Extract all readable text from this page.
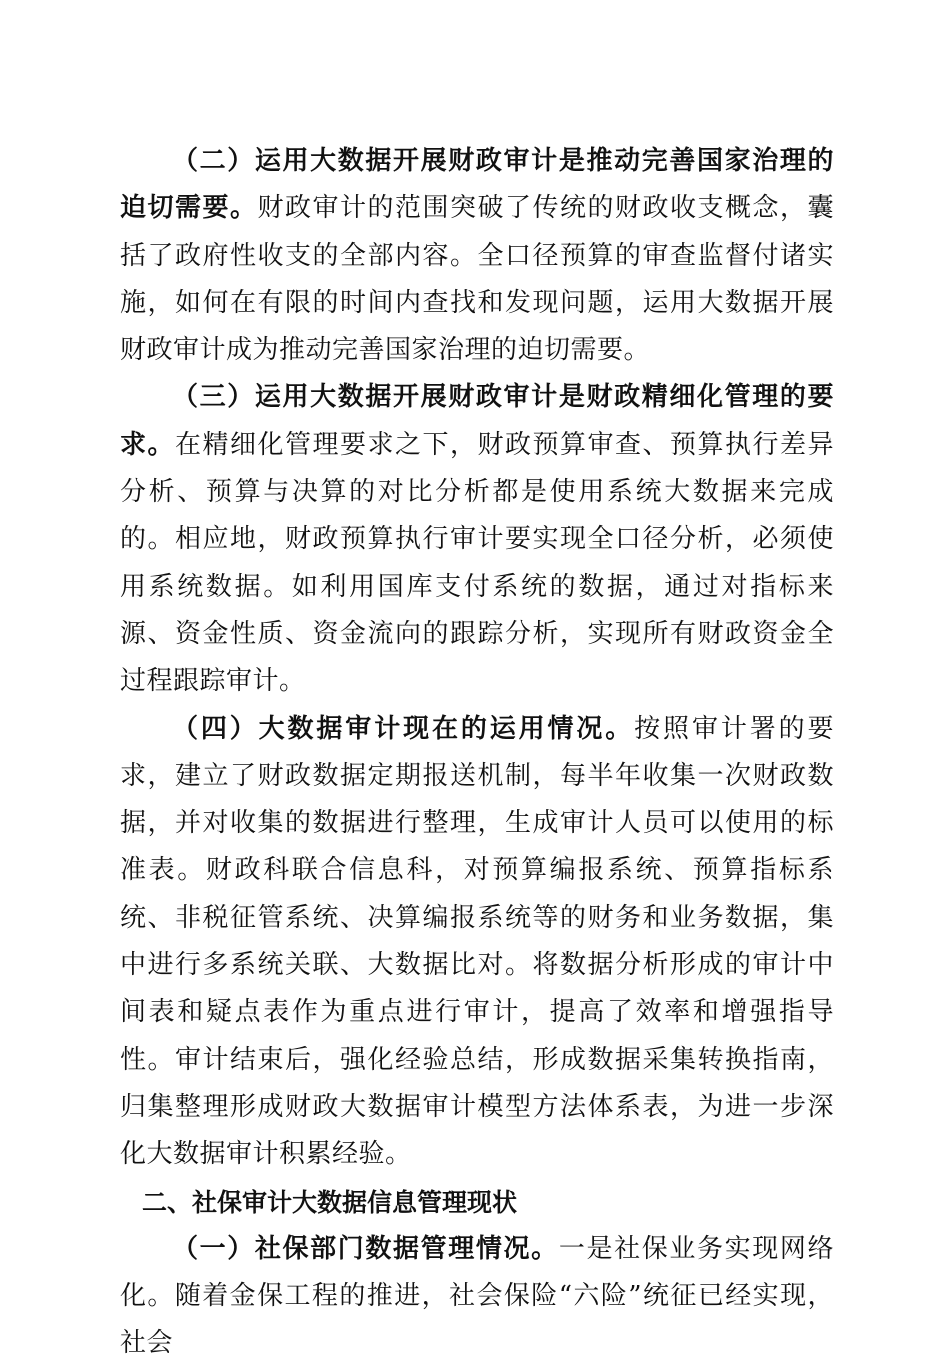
（二）运用大数据开展财政审计是推动完善国家治理的迫切需要。财政审计的范围突破了传统的财政收支概念，囊括了政府性收支的全部内容。全口径预算的审查监督付诸实施，如何在有限的时间内查找和发现问题，运用大数据开展财政审计成为推动完善国家治理的迫切需要。

（三）运用大数据开展财政审计是财政精细化管理的要求。在精细化管理要求之下，财政预算审查、预算执行差异分析、预算与决算的对比分析都是使用系统大数据来完成的。相应地，财政预算执行审计要实现全口径分析，必须使用系统数据。如利用国库支付系统的数据，通过对指标来源、资金性质、资金流向的跟踪分析，实现所有财政资金全过程跟踪审计。

（四）大数据审计现在的运用情况。按照审计署的要求，建立了财政数据定期报送机制，每半年收集一次财政数据，并对收集的数据进行整理，生成审计人员可以使用的标准表。财政科联合信息科，对预算编报系统、预算指标系统、非税征管系统、决算编报系统等的财务和业务数据，集中进行多系统关联、大数据比对。将数据分析形成的审计中间表和疑点表作为重点进行审计，提高了效率和增强指导性。审计结束后，强化经验总结，形成数据采集转换指南，归集整理形成财政大数据审计模型方法体系表，为进一步深化大数据审计积累经验。

二、社保审计大数据信息管理现状

（一）社保部门数据管理情况。一是社保业务实现网络化。随着金保工程的推进，社会保险“六险”统征已经实现，社会
